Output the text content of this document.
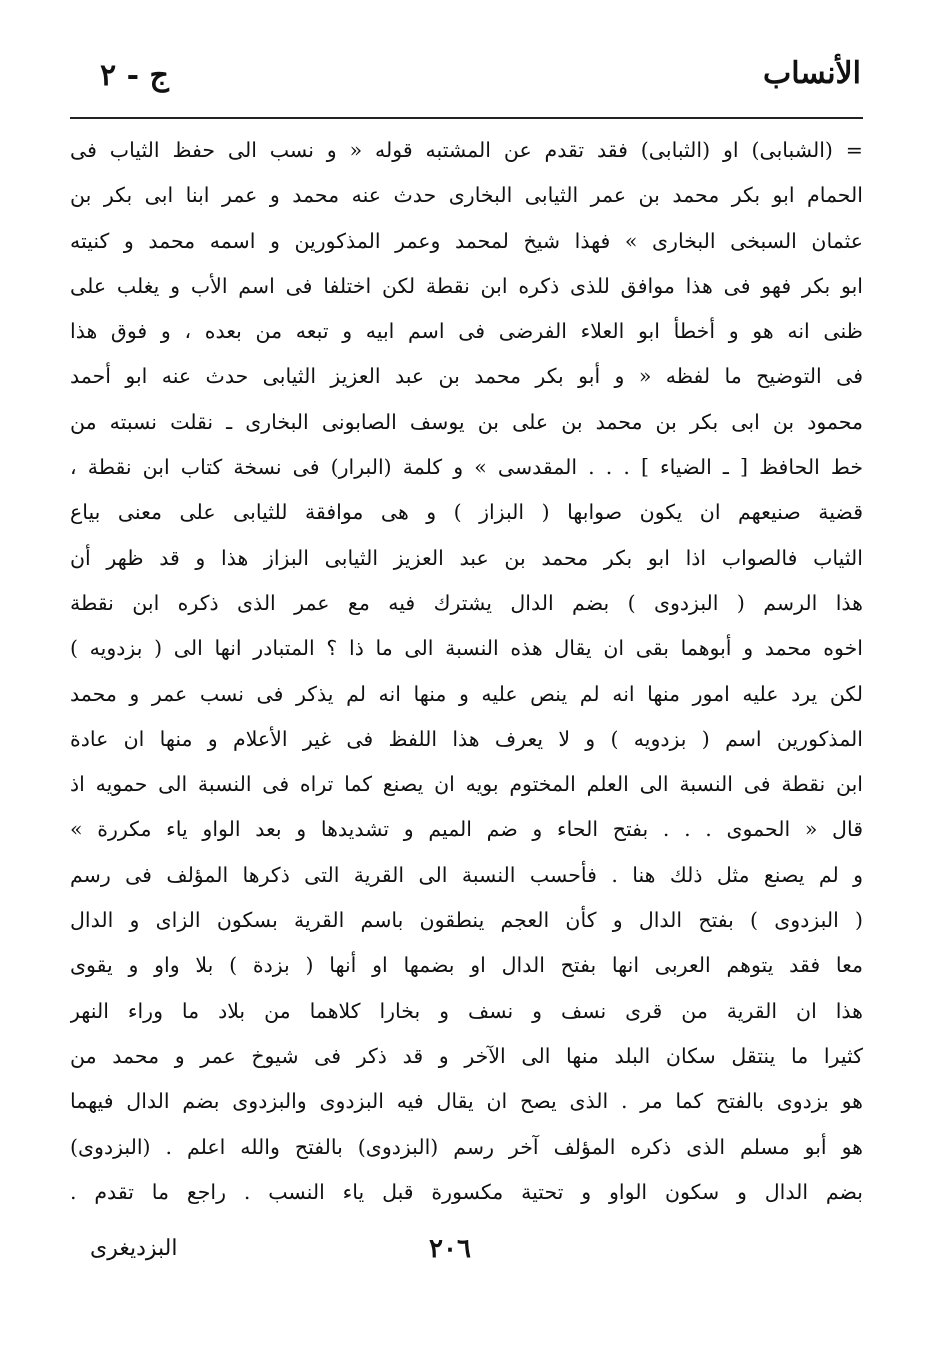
الأنساب
ج - ٢
= (الشبابى) او (الثبابى) فقد تقدم عن المشتبه قوله « و نسب الى حفظ الثياب فى
الحمام ابو بكر محمد بن عمر الثيابى البخارى حدث عنه محمد و عمر ابنا ابى بكر بن
عثمان السبخى البخارى » فهذا شيخ لمحمد وعمر المذكورين و اسمه محمد و كنيته
ابو بكر فهو فى هذا موافق للذى ذكره ابن نقطة لكن اختلفا فى اسم الأب و يغلب على
ظنى انه هو و أخطأ ابو العلاء الفرضى فى اسم ابيه و تبعه من بعده ، و فوق هذا
فى التوضيح ما لفظه « و أبو بكر محمد بن عبد العزيز الثيابى حدث عنه ابو أحمد
محمود بن ابى بكر بن محمد بن على بن يوسف الصابونى البخارى ـ نقلت نسبته من
خط الحافظ [ ـ الضياء ] . . . المقدسى » و كلمة (البرار) فى نسخة كتاب ابن نقطة ،
قضية صنيعهم ان يكون صوابها ( البزاز ) و هى موافقة للثيابى على معنى بياع
الثياب فالصواب اذا ابو بكر محمد بن عبد العزيز الثيابى البزاز هذا و قد ظهر أن
هذا الرسم ( البزدوى ) بضم الدال يشترك فيه مع عمر الذى ذكره ابن نقطة
اخوه محمد و أبوهما بقى ان يقال هذه النسبة الى ما ذا ؟ المتبادر انها الى ( بزدويه )
لكن يرد عليه امور منها انه لم ينص عليه و منها انه لم يذكر فى نسب عمر و محمد
المذكورين اسم ( بزدويه ) و لا يعرف هذا اللفظ فى غير الأعلام و منها ان عادة
ابن نقطة فى النسبة الى العلم المختوم بويه ان يصنع كما تراه فى النسبة الى حمويه اذ
قال « الحموى . . . بفتح الحاء و ضم الميم و تشديدها و بعد الواو ياء مكررة »
و لم يصنع مثل ذلك هنا . فأحسب النسبة الى القرية التى ذكرها المؤلف فى رسم
( البزدوى ) بفتح الدال و كأن العجم ينطقون باسم القرية بسكون الزاى و الدال
معا فقد يتوهم العربى انها بفتح الدال او بضمها او أنها ( بزدة ) بلا واو و يقوى
هذا ان القرية من قرى نسف و نسف و بخارا كلاهما من بلاد ما وراء النهر
كثيرا ما ينتقل سكان البلد منها الى الآخر و قد ذكر فى شيوخ عمر و محمد من
هو بزدوى بالفتح كما مر . الذى يصح ان يقال فيه البزدوى والبزدوى بضم الدال فيهما
هو أبو مسلم الذى ذكره المؤلف آخر رسم (البزدوى) بالفتح والله اعلم . (البزدوى)
بضم الدال و سكون الواو و تحتية مكسورة قبل ياء النسب . راجع ما تقدم .
٢٠٦
البزديغرى
